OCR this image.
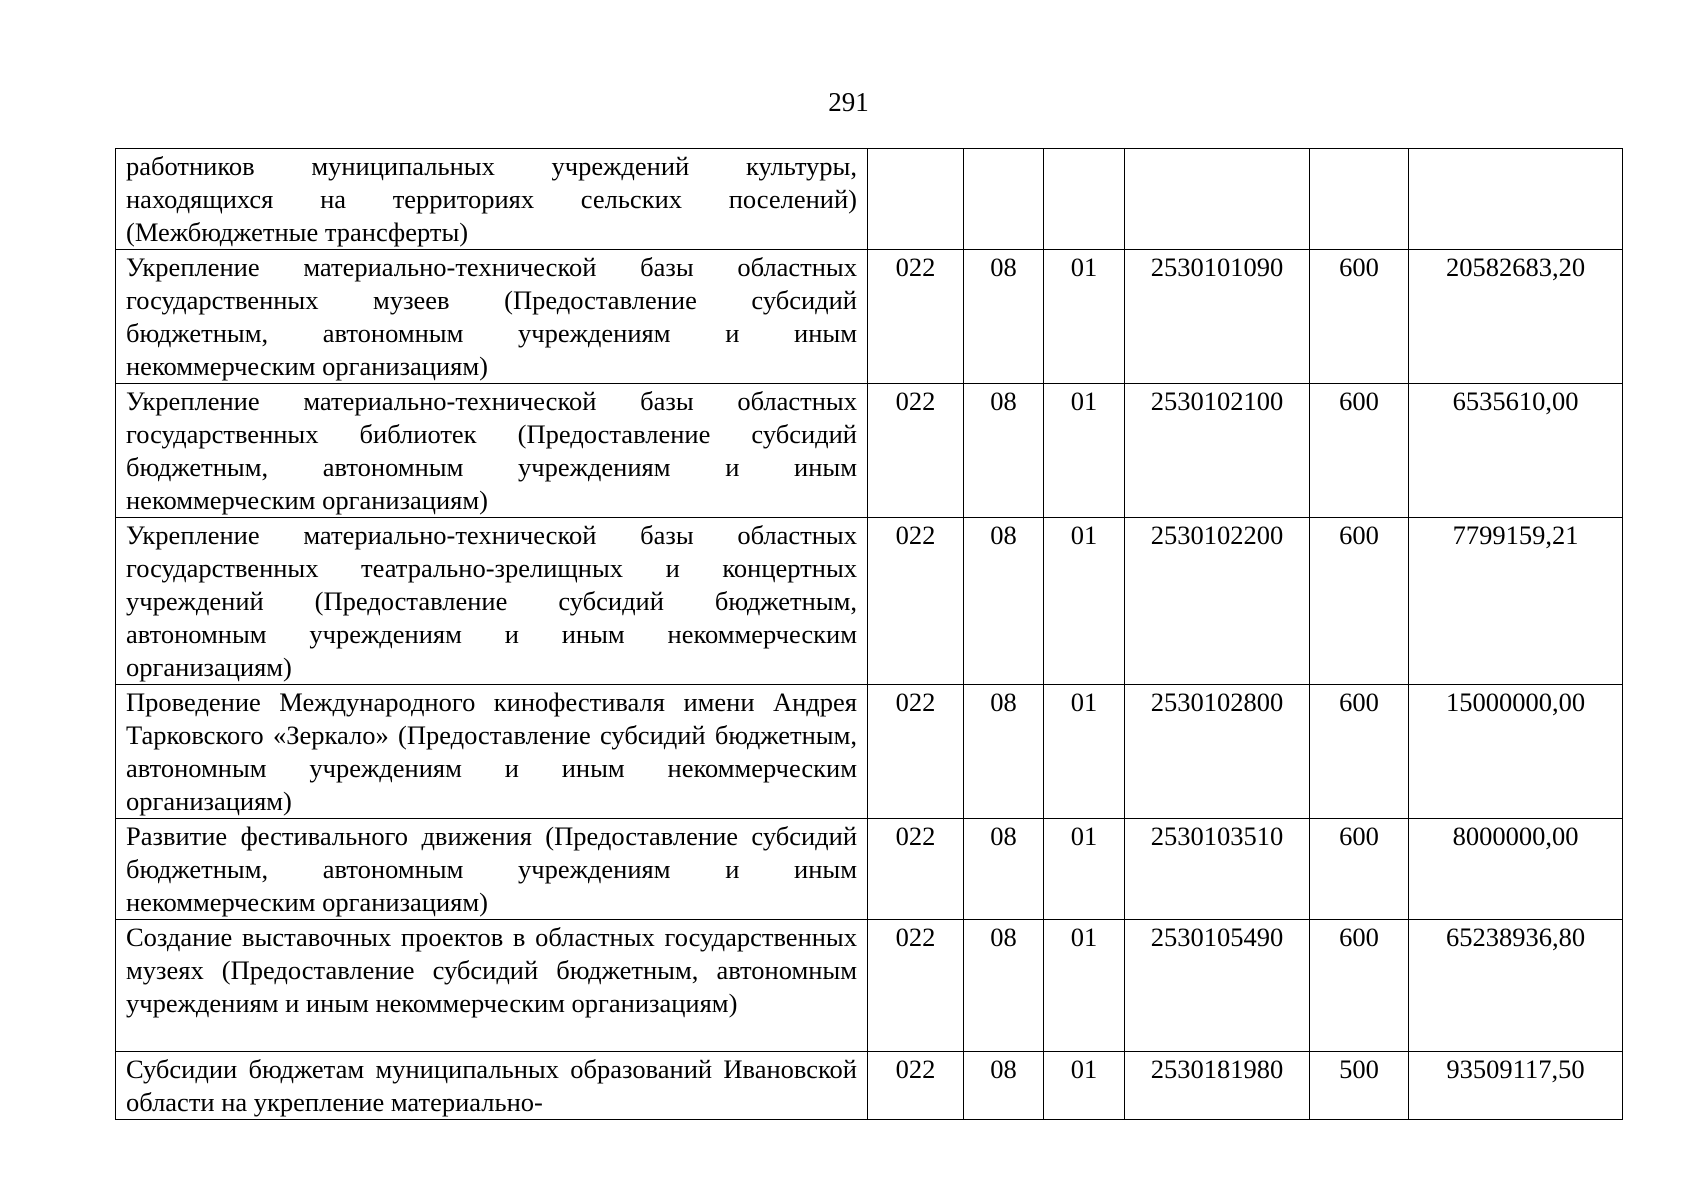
291
работников муниципальных учреждений культуры, находящихся на территориях сельских поселений) (Межбюджетные трансферты)						
Укрепление материально-технической базы областных государственных музеев (Предоставление субсидий бюджетным, автономным учреждениям и иным некоммерческим организациям)	022	08	01	2530101090	600	20582683,20
Укрепление материально-технической базы областных государственных библиотек (Предоставление субсидий бюджетным, автономным учреждениям и иным некоммерческим организациям)	022	08	01	2530102100	600	6535610,00
Укрепление материально-технической базы областных государственных театрально-зрелищных и концертных учреждений (Предоставление субсидий бюджетным, автономным учреждениям и иным некоммерческим организациям)	022	08	01	2530102200	600	7799159,21
Проведение Международного кинофестиваля имени Андрея Тарковского «Зеркало» (Предоставление субсидий бюджетным, автономным учреждениям и иным некоммерческим организациям)	022	08	01	2530102800	600	15000000,00
Развитие фестивального движения (Предоставление субсидий бюджетным, автономным учреждениям и иным некоммерческим организациям)	022	08	01	2530103510	600	8000000,00
Создание выставочных проектов в областных государственных музеях (Предоставление субсидий бюджетным, автономным учреждениям и иным некоммерческим организациям)	022	08	01	2530105490	600	65238936,80
Субсидии бюджетам муниципальных образований Ивановской области на укрепление материально-	022	08	01	2530181980	500	93509117,50
